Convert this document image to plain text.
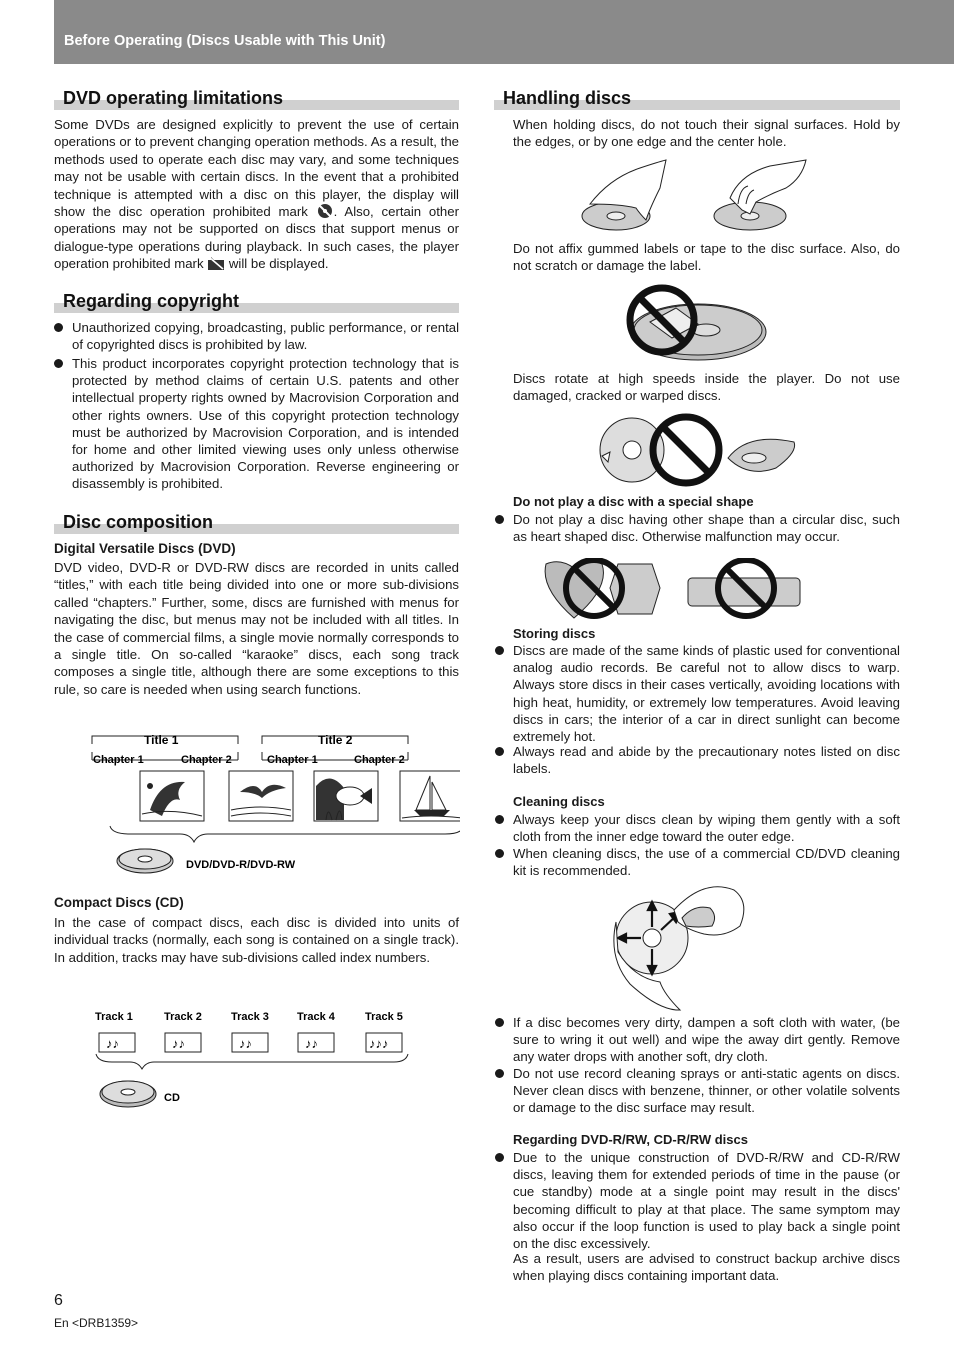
Before Operating (Discs Usable with This Unit)
DVD operating limitations

Some DVDs are designed explicitly to prevent the use of certain operations or to prevent changing operation methods. As a result, the methods used to operate each disc may vary, and some techniques may not be usable with certain discs. In the event that a prohibited technique is attempted with a disc on this player, the display will show the disc operation prohibited mark . Also, certain other operations may not be supported on discs that support menus or dialogue-type operations during playback. In such cases, the player operation prohibited mark  will be displayed.

Regarding copyright
Unauthorized copying, broadcasting, public performance, or rental of copyrighted discs is prohibited by law.
This product incorporates copyright protection technology that is protected by method claims of certain U.S. patents and other intellectual property rights owned by Macrovision Corporation and other rights owners. Use of this copyright protection technology must be authorized by Macrovision Corporation, and is intended for home and other limited viewing uses only unless otherwise authorized by Macrovision Corporation. Reverse engineering or disassembly is prohibited.
Disc composition
Digital Versatile Discs (DVD)

DVD video, DVD-R or DVD-RW discs are recorded in units called “titles,” with each title being divided into one or more sub-divisions called “chapters.” Further, some, discs are furnished with menus for navigating the disc, but menus may not be included with all titles. In the case of commercial films, a single movie normally corresponds to a single title. On so-called “karaoke” discs, each song track composes a single title, although there are some exceptions to this rule, so care is needed when using search functions.

Title 1	Title 2
Chapter 1	Chapter 2	Chapter 1	Chapter 2
DVD/DVD-R/DVD-RW
Compact Discs (CD)

In the case of compact discs, each disc is divided into units of individual tracks (normally, each song is contained on a single track). In addition, tracks may have sub-divisions called index numbers.

Track 1	Track 2	Track 3	Track 4	Track 5
♪♪	♪♪	♪♪	♪♪	♪♪♪
CD
Handling discs

When holding discs, do not touch their signal surfaces. Hold by the edges, or by one edge and the center hole.

Do not affix gummed labels or tape to the disc surface. Also, do not scratch or damage the label.

Discs rotate at high speeds inside the player. Do not use damaged, cracked or warped discs.

Do not play a disc with a special shape
Do not play a disc having other shape than a circular disc, such as heart shaped disc. Otherwise malfunction may occur.
Storing discs
Discs are made of the same kinds of plastic used for conventional analog audio records. Be careful not to allow discs to warp. Always store discs in their cases vertically, avoiding locations with high heat, humidity, or extremely low temperatures. Avoid leaving discs in cars; the interior of a car in direct sunlight can become extremely hot.
Always read and abide by the precautionary notes listed on disc labels.
Cleaning discs
Always keep your discs clean by wiping them gently with a soft cloth from the inner edge toward the outer edge.
When cleaning discs, the use of a commercial CD/DVD cleaning kit is recommended.
If a disc becomes very dirty, dampen a soft cloth with water, (be sure to wring it out well) and wipe the away dirt gently. Remove any water drops with another soft, dry cloth.
Do not use record cleaning sprays or anti-static agents on discs. Never clean discs with benzene, thinner, or other volatile solvents or damage to the disc surface may result.
Regarding DVD-R/RW, CD-R/RW discs
Due to the unique construction of DVD-R/RW and CD-R/RW discs, leaving them for extended periods of time in the pause (or cue standby) mode at a single point may result in the discs' becoming difficult to play at that place. The same symptom may also occur if the loop function is used to play back a single point on the disc excessively.
As a result, users are advised to construct backup archive discs when playing discs containing important data.
6
En <DRB1359>
